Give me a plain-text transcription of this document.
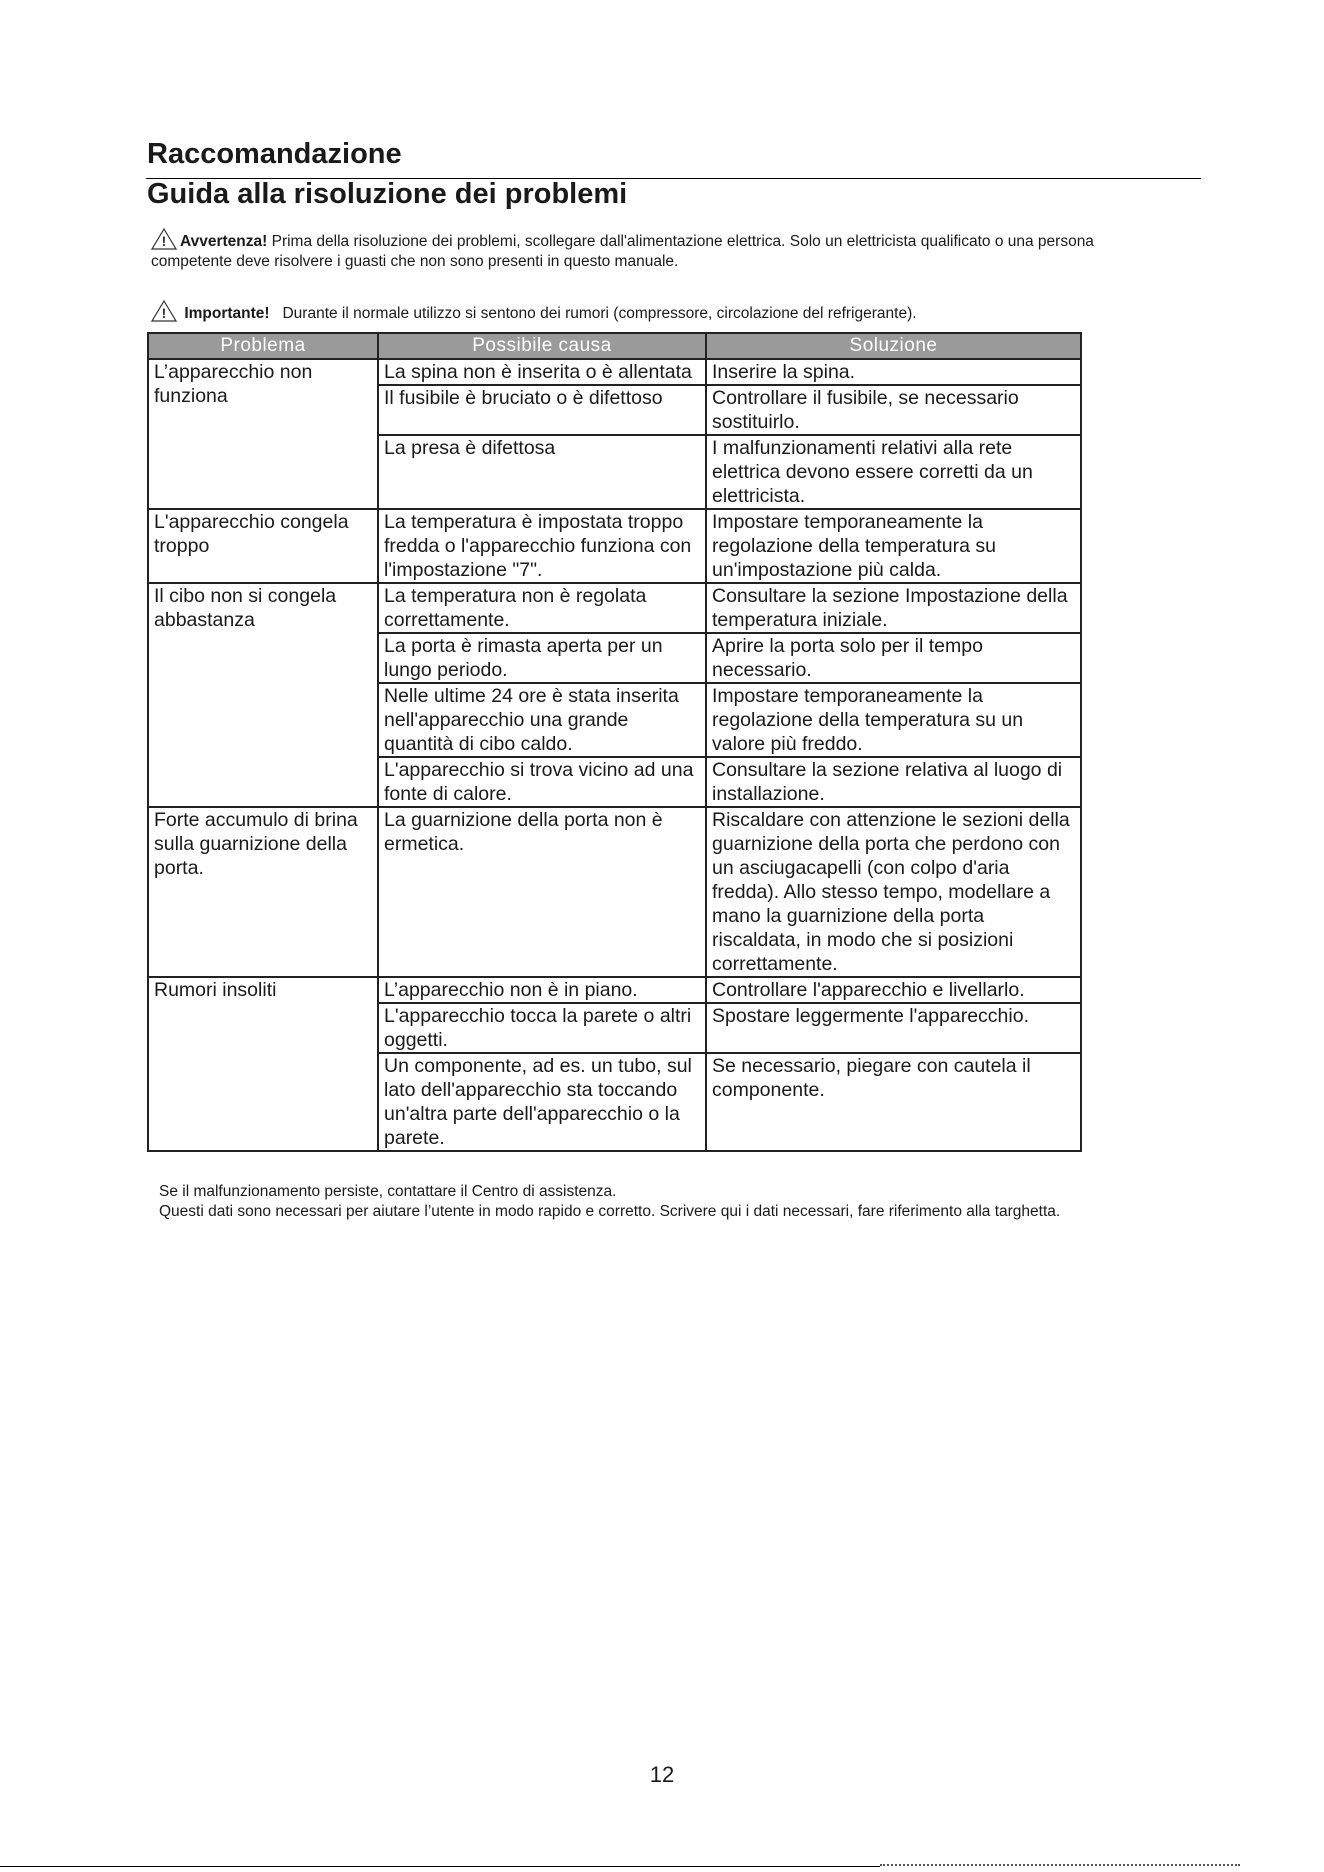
Raccomandazione
Guida alla risoluzione dei problemi

! Avvertenza! Prima della risoluzione dei problemi, scollegare dall'alimentazione elettrica. Solo un elettricista qualificato o una persona competente deve risolvere i guasti che non sono presenti in questo manuale.

! Importante! Durante il normale utilizzo si sentono dei rumori (compressore, circolazione del refrigerante).

Problema	Possibile causa	Soluzione
L’apparecchio non funziona	La spina non è inserita o è allentata	Inserire la spina.
	Il fusibile è bruciato o è difettoso	Controllare il fusibile, se necessario sostituirlo.
	La presa è difettosa	I malfunzionamenti relativi alla rete elettrica devono essere corretti da un elettricista.
L'apparecchio congela troppo	La temperatura è impostata troppo fredda o l'apparecchio funziona con l'impostazione "7".	Impostare temporaneamente la regolazione della temperatura su un'impostazione più calda.
Il cibo non si congela abbastanza	La temperatura non è regolata correttamente.	Consultare la sezione Impostazione della temperatura iniziale.
	La porta è rimasta aperta per un lungo periodo.	Aprire la porta solo per il tempo necessario.
	Nelle ultime 24 ore è stata inserita nell'apparecchio una grande quantità di cibo caldo.	Impostare temporaneamente la regolazione della temperatura su un valore più freddo.
	L'apparecchio si trova vicino ad una fonte di calore.	Consultare la sezione relativa al luogo di installazione.
Forte accumulo di brina sulla guarnizione della porta.	La guarnizione della porta non è ermetica.	Riscaldare con attenzione le sezioni della guarnizione della porta che perdono con un asciugacapelli (con colpo d'aria fredda). Allo stesso tempo, modellare a mano la guarnizione della porta riscaldata, in modo che si posizioni correttamente.
Rumori insoliti	L’apparecchio non è in piano.	Controllare l'apparecchio e livellarlo.
	L'apparecchio tocca la parete o altri oggetti.	Spostare leggermente l'apparecchio.
	Un componente, ad es. un tubo, sul lato dell'apparecchio sta toccando un'altra parte dell'apparecchio o la parete.	Se necessario, piegare con cautela il componente.

Se il malfunzionamento persiste, contattare il Centro di assistenza.
Questi dati sono necessari per aiutare l’utente in modo rapido e corretto. Scrivere qui i dati necessari, fare riferimento alla targhetta.

12
